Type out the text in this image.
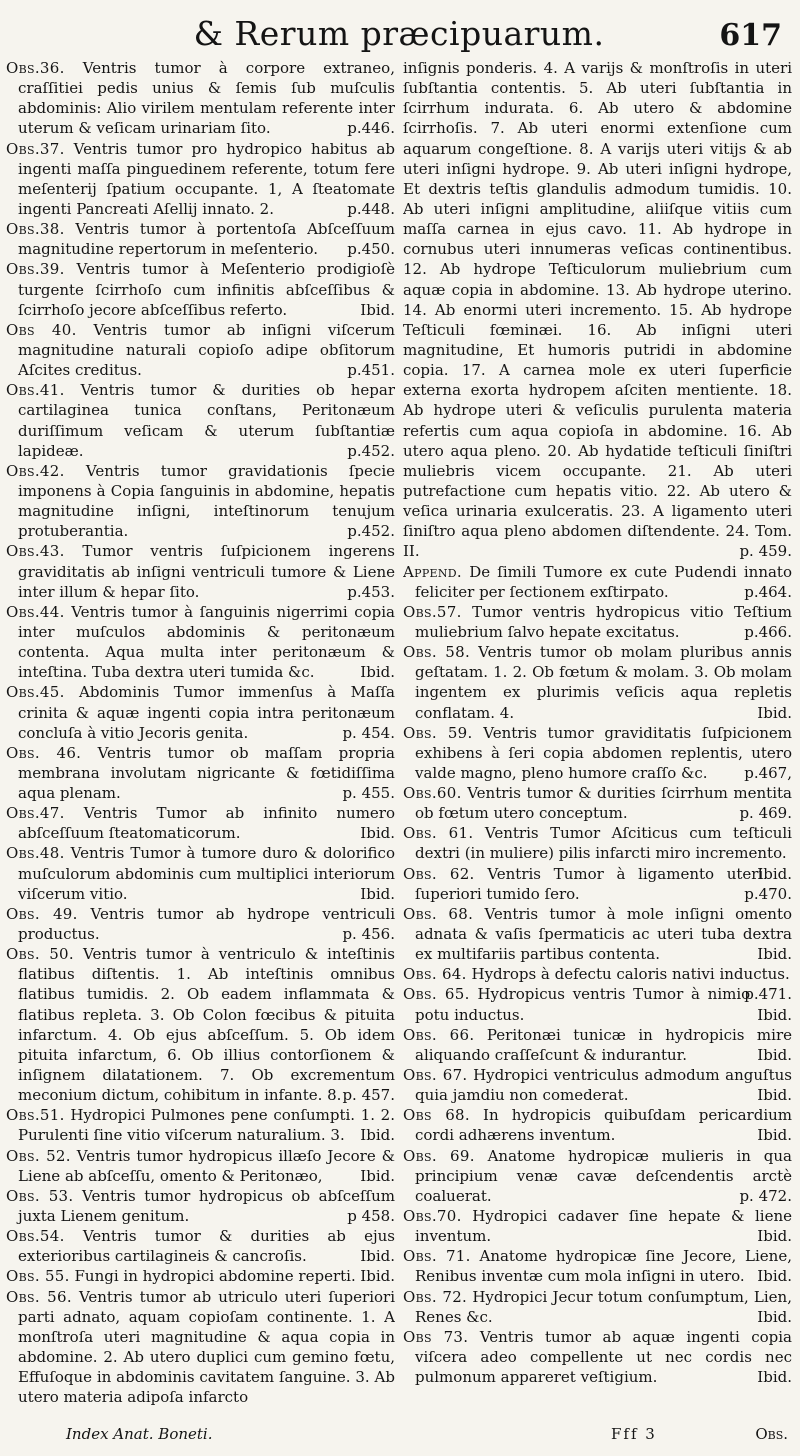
& Rerum præcipuarum.	617

Obs.36. Ventris tumor à corpore extraneo, craſſitiei pedis unius & ſemis ſub muſculis abdominis: Alio virilem mentulam referente inter uterum & veſicam urinariam ſito.	p.446.

Obs.37. Ventris tumor pro hydropico habitus ab ingenti maſſa pinguedinem referente, totum fere meſenterij ſpatium occupante. 1, A ſteatomate ingenti Pancreati Aſellij innato. 2.	p.448.

Obs.38. Ventris tumor à portentoſa Abſceſſuum magnitudine repertorum in meſenterio. p.450.

Obs.39. Ventris tumor à Meſenterio prodigioſè turgente ſcirrhoſo cum infinitis abſceſſibus & ſcirrhoſo jecore abſceſſibus referto.	Ibid.

Obs 40. Ventris tumor ab inſigni viſcerum magnitudine naturali copioſo adipe obſitorum Aſcites creditus.	p.451.

Obs.41. Ventris tumor & durities ob hepar cartilaginea tunica conſtans, Peritonæum duriſſimum veſicam & uterum ſubſtantiæ lapideæ.	p.452.

Obs.42. Ventris tumor gravidationis ſpecie imponens à Copia ſanguinis in abdomine, hepatis magnitudine inſigni, inteſtinorum tenujum protuberantia.	p.452.

Obs.43. Tumor ventris ſuſpicionem ingerens graviditatis ab inſigni ventriculi tumore & Liene inter illum & hepar ſito.	p.453.

Obs.44. Ventris tumor à ſanguinis nigerrimi copia inter muſculos abdominis & peritonæum contenta. Aqua multa inter peritonæum & inteſtina. Tuba dextra uteri tumida &c.	Ibid.

Obs.45. Abdominis Tumor immenſus à Maſſa crinita & aquæ ingenti copia intra peritonæum concluſa à vitio Jecoris genita.	p. 454.

Obs. 46. Ventris tumor ob maſſam propria membrana involutam nigricante & fœtidiſſima aqua plenam.	p. 455.

Obs.47. Ventris Tumor ab infinito numero abſceſſuum ſteatomaticorum.	Ibid.

Obs.48. Ventris Tumor à tumore duro & dolorifico muſculorum abdominis cum multiplici interiorum viſcerum vitio.	Ibid.

Obs. 49. Ventris tumor ab hydrope ventriculi productus.	p. 456.

Obs. 50. Ventris tumor à ventriculo & inteſtinis flatibus diſtentis. 1. Ab inteſtinis omnibus flatibus tumidis. 2. Ob eadem inflammata & flatibus repleta. 3. Ob Colon fœcibus & pituita infarctum. 4. Ob ejus abſceſſum. 5. Ob idem pituita infarctum, 6. Ob illius contorſionem & inſignem dilatationem. 7. Ob excrementum meconium dictum, cohibitum in infante. 8. p. 457.

Obs.51. Hydropici Pulmones pene conſumpti. 1. 2. Purulenti ſine vitio viſcerum naturalium. 3. Ibid.

Obs. 52. Ventris tumor hydropicus illæſo Jecore & Liene ab abſceſſu, omento & Peritonæo,	Ibid.

Obs. 53. Ventris tumor hydropicus ob abſceſſum juxta Lienem genitum.	p 458.

Obs.54. Ventris tumor & durities ab ejus exterioribus cartilagineis & cancroſis.	Ibid.

Obs. 55. Fungi in hydropici abdomine reperti. Ibid.

Obs. 56. Ventris tumor ab utriculo uteri ſuperiori parti adnato, aquam copioſam continente. 1. A monſtroſa uteri magnitudine & aqua copia in abdomine. 2. Ab utero duplici cum gemino fœtu, Effuſoque in abdominis cavitatem ſanguine. 3. Ab utero materia adipoſa infarcto

inſignis ponderis. 4. A varijs & monſtroſis in uteri ſubſtantia contentis. 5. Ab uteri ſubſtantia in ſcirrhum indurata. 6. Ab utero & abdomine ſcirrhoſis. 7. Ab uteri enormi extenſione cum aquarum congeſtione. 8. A varijs uteri vitijs & ab uteri inſigni hydrope. 9. Ab uteri inſigni hydrope, Et dextris teſtis glandulis admodum tumidis. 10. Ab uteri inſigni amplitudine, aliiſque vitiis cum maſſa carnea in ejus cavo. 11. Ab hydrope in cornubus uteri innumeras veſicas continentibus. 12. Ab hydrope Teſticulorum muliebrium cum aquæ copia in abdomine. 13. Ab hydrope uterino. 14. Ab enormi uteri incremento. 15. Ab hydrope Teſticuli fœminæi. 16. Ab inſigni uteri magnitudine, Et humoris putridi in abdomine copia. 17. A carnea mole ex uteri ſuperficie externa exorta hydropem aſciten mentiente. 18. Ab hydrope uteri & veſiculis purulenta materia refertis cum aqua copioſa in abdomine. 16. Ab utero aqua pleno. 20. Ab hydatide teſticuli ſiniſtri muliebris vicem occupante. 21. Ab uteri putrefactione cum hepatis vitio. 22. Ab utero & veſica urinaria exulceratis. 23. A ligamento uteri ſiniſtro aqua pleno abdomen diſtendente. 24. Tom. II.	p. 459.

Append. De ſimili Tumore ex cute Pudendi innato feliciter per ſectionem exſtirpato.	p.464.

Obs.57. Tumor ventris hydropicus vitio Teſtium muliebrium ſalvo hepate excitatus.	p.466.

Obs. 58. Ventris tumor ob molam pluribus annis geſtatam. 1. 2. Ob fœtum & molam. 3. Ob molam ingentem ex plurimis veſicis aqua repletis conflatam. 4.	Ibid.

Obs. 59. Ventris tumor graviditatis ſuſpicionem exhibens à ſeri copia abdomen replentis, utero valde magno, pleno humore craſſo &c. p.467,

Obs.60. Ventris tumor & durities ſcirrhum mentita ob fœtum utero conceptum.	p. 469.

Obs. 61. Ventris Tumor Aſciticus cum teſticuli dextri (in muliere) pilis infarcti miro incremento.
Ibid.

Obs. 62. Ventris Tumor à ligamento uteri ſuperiori tumido ſero.	p.470.

Obs. 68. Ventris tumor à mole inſigni omento adnata & vaſis ſpermaticis ac uteri tuba dextra ex multifariis partibus contenta.	Ibid.

Obs. 64. Hydrops à defectu caloris nativi inductus.
p.471.

Obs. 65. Hydropicus ventris Tumor à nimio potu inductus.	Ibid.

Obs. 66. Peritonæi tunicæ in hydropicis mire aliquando craſſeſcunt & indurantur.	Ibid.

Obs. 67. Hydropici ventriculus admodum anguſtus quia jamdiu non comederat.	Ibid.

Obs 68. In hydropicis quibuſdam pericardium cordi adhærens inventum.	Ibid.

Obs. 69. Anatome hydropicæ mulieris in qua principium venæ cavæ deſcendentis arctè coaluerat.	p. 472.

Obs.70. Hydropici cadaver ſine hepate & liene inventum.	Ibid.

Obs. 71. Anatome hydropicæ ſine Jecore, Liene, Renibus inventæ cum mola inſigni in utero. Ibid.

Obs. 72. Hydropici Jecur totum conſumptum, Lien, Renes &c.	Ibid.

Obs 73. Ventris tumor ab aquæ ingenti copia viſcera adeo compellente ut nec cordis nec pulmonum appareret veſtigium.	Ibid.

Index Anat. Boneti.	Fff 3	Obs.
